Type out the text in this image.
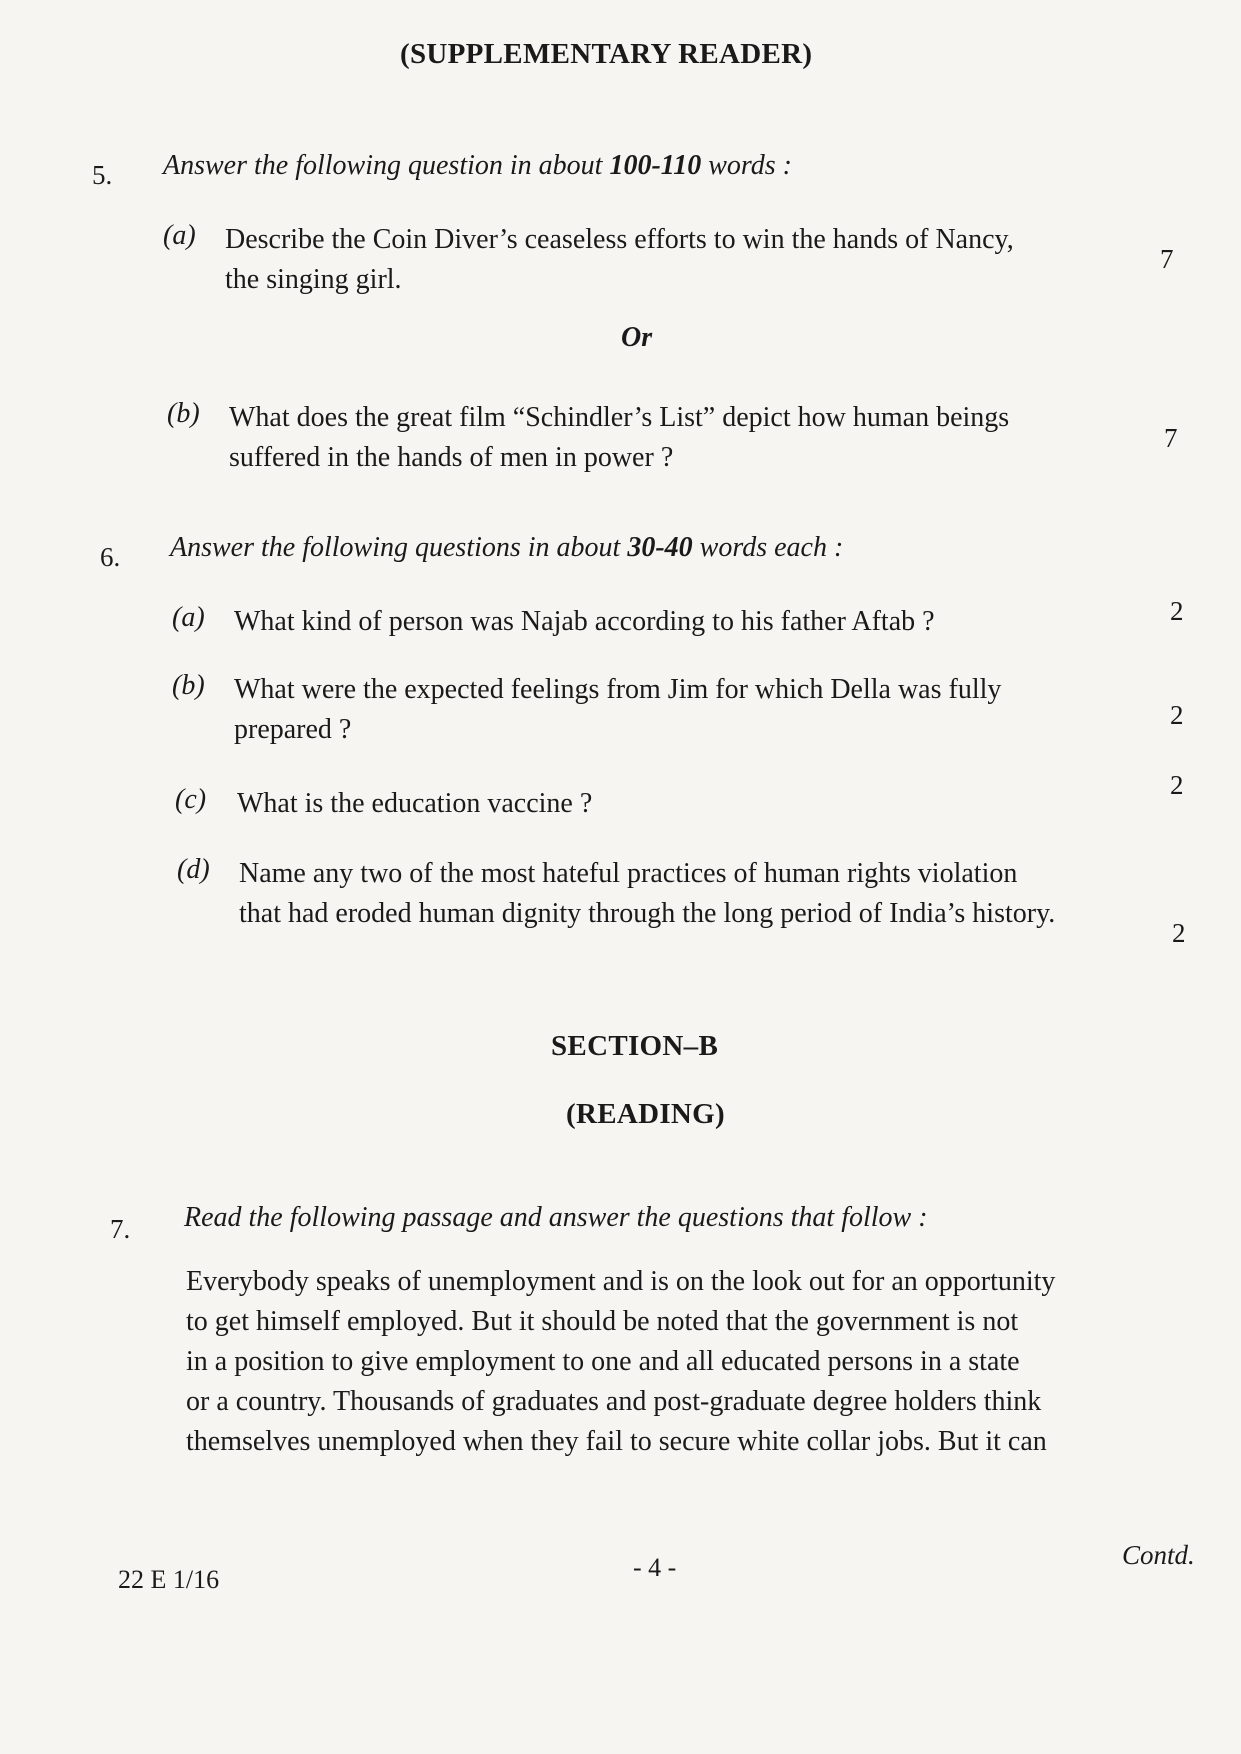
(SUPPLEMENTARY READER)
5. Answer the following question in about 100-110 words :
(a)	Describe the Coin Diver’s ceaseless efforts to win the hands of Nancy,
the singing girl.
7
Or
(b)	What does the great film “Schindler’s List” depict how human beings
suffered in the hands of men in power ?
7
6. Answer the following questions in about 30-40 words each :
(a)	What kind of person was Najab according to his father Aftab ?	2
(b)	What were the expected feelings from Jim for which Della was fully
prepared ?	2
2
(c)	What is the education vaccine ?
(d)	Name any two of the most hateful practices of human rights violation
that had eroded human dignity through the long period of India’s history.
2
SECTION–B
(READING)
7. Read the following passage and answer the questions that follow :
Everybody speaks of unemployment and is on the look out for an opportunity
to get himself employed. But it should be noted that the government is not
in a position to give employment to one and all educated persons in a state
or a country. Thousands of graduates and post-graduate degree holders think
themselves unemployed when they fail to secure white collar jobs. But it can
22 E 1/16	- 4 -	Contd.
